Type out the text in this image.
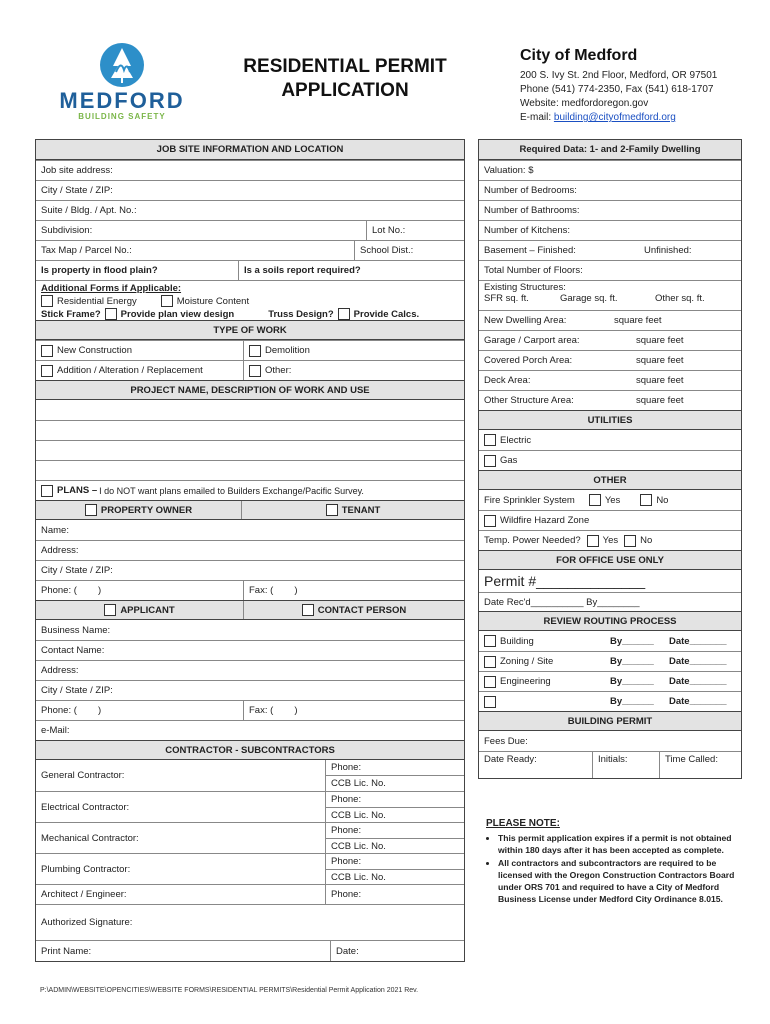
MEDFORD
BUILDING SAFETY
RESIDENTIAL PERMIT
APPLICATION
City of Medford
200 S. Ivy St. 2nd Floor, Medford, OR 97501
Phone (541) 774-2350, Fax (541) 618-1707
Website: medfordoregon.gov
E-mail: building@cityofmedford.org
JOB SITE INFORMATION AND LOCATION
Job site address:
City / State / ZIP:
Suite / Bldg. / Apt. No.:
Subdivision:	Lot No.:
Tax Map / Parcel No.:	School Dist.:
Is property in flood plain?	Is a soils report required?
Additional Forms if Applicable:
Residential Energy	Moisture Content
Stick Frame? Provide plan view design	Truss Design? Provide Calcs.
TYPE OF WORK
New Construction	Demolition
Addition / Alteration / Replacement	Other:
PROJECT NAME, DESCRIPTION OF WORK AND USE
PLANS – I do NOT want plans emailed to Builders Exchange/Pacific Survey.
PROPERTY OWNER	TENANT
Name:
Address:
City / State / ZIP:
Phone: (        )	Fax: (        )
APPLICANT	CONTACT PERSON
Business Name:
Contact Name:
Address:
City / State / ZIP:
Phone: (        )	Fax: (        )
e-Mail:
CONTRACTOR - SUBCONTRACTORS
General Contractor:
Phone:
CCB Lic. No.
Electrical Contractor:
Phone:
CCB Lic. No.
Mechanical Contractor:
Phone:
CCB Lic. No.
Plumbing Contractor:
Phone:
CCB Lic. No.
Architect / Engineer:	Phone:
Authorized Signature:
Print Name:	Date:
Required Data: 1- and 2-Family Dwelling
Valuation: $
Number of Bedrooms:
Number of Bathrooms:
Number of Kitchens:
Basement – Finished:	Unfinished:
Total Number of Floors:
Existing Structures:
SFR sq. ft.	Garage sq. ft.	Other sq. ft.
New Dwelling Area:	square feet
Garage / Carport area:	square feet
Covered Porch Area:	square feet
Deck Area:	square feet
Other Structure Area:	square feet
UTILITIES
Electric
Gas
OTHER
Fire Sprinkler System	Yes	No
Wildfire Hazard Zone
Temp. Power Needed? Yes No
FOR OFFICE USE ONLY
Permit #______________
Date Rec'd__________ By________
REVIEW ROUTING PROCESS
Building	By______ Date_______
Zoning / Site	By______ Date_______
Engineering	By______ Date_______
By______ Date_______
BUILDING PERMIT
Fees Due:
Date Ready:	Initials:	Time Called:
PLEASE NOTE:
• This permit application expires if a permit is not obtained within 180 days after it has been accepted as complete.
• All contractors and subcontractors are required to be licensed with the Oregon Construction Contractors Board under ORS 701 and required to have a City of Medford Business License under Medford City Ordinance 8.015.
P:\ADMIN\WEBSITE\OPENCITIES\WEBSITE FORMS\RESIDENTIAL PERMITS\Residential Permit Application 2021 Rev.
